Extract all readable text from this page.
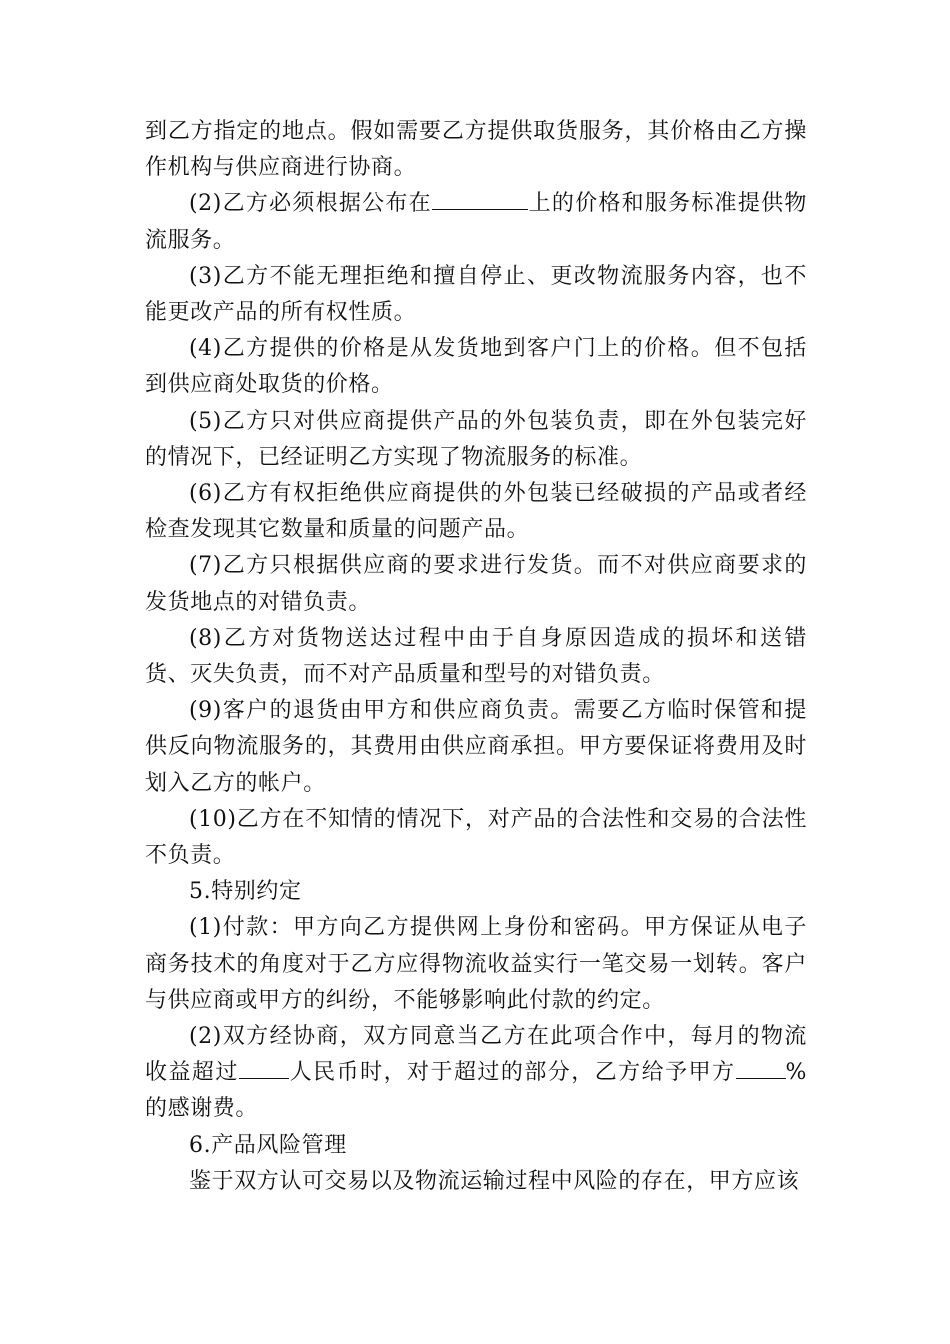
到乙方指定的地点。假如需要乙方提供取货服务，其价格由乙方操作机构与供应商进行协商。

(2)乙方必须根据公布在	上的价格和服务标准提供物流服务。

(3)乙方不能无理拒绝和擅自停止、更改物流服务内容，也不能更改产品的所有权性质。

(4)乙方提供的价格是从发货地到客户门上的价格。但不包括到供应商处取货的价格。

(5)乙方只对供应商提供产品的外包装负责，即在外包装完好的情况下，已经证明乙方实现了物流服务的标准。

(6)乙方有权拒绝供应商提供的外包装已经破损的产品或者经检查发现其它数量和质量的问题产品。

(7)乙方只根据供应商的要求进行发货。而不对供应商要求的发货地点的对错负责。

(8)乙方对货物送达过程中由于自身原因造成的损坏和送错货、灭失负责，而不对产品质量和型号的对错负责。

(9)客户的退货由甲方和供应商负责。需要乙方临时保管和提供反向物流服务的，其费用由供应商承担。甲方要保证将费用及时划入乙方的帐户。

(10)乙方在不知情的情况下，对产品的合法性和交易的合法性不负责。

5.特别约定

(1)付款：甲方向乙方提供网上身份和密码。甲方保证从电子商务技术的角度对于乙方应得物流收益实行一笔交易一划转。客户与供应商或甲方的纠纷，不能够影响此付款的约定。

(2)双方经协商，双方同意当乙方在此项合作中，每月的物流收益超过 人民币时，对于超过的部分，乙方给予甲方 %的感谢费。

6.产品风险管理

鉴于双方认可交易以及物流运输过程中风险的存在，甲方应该
